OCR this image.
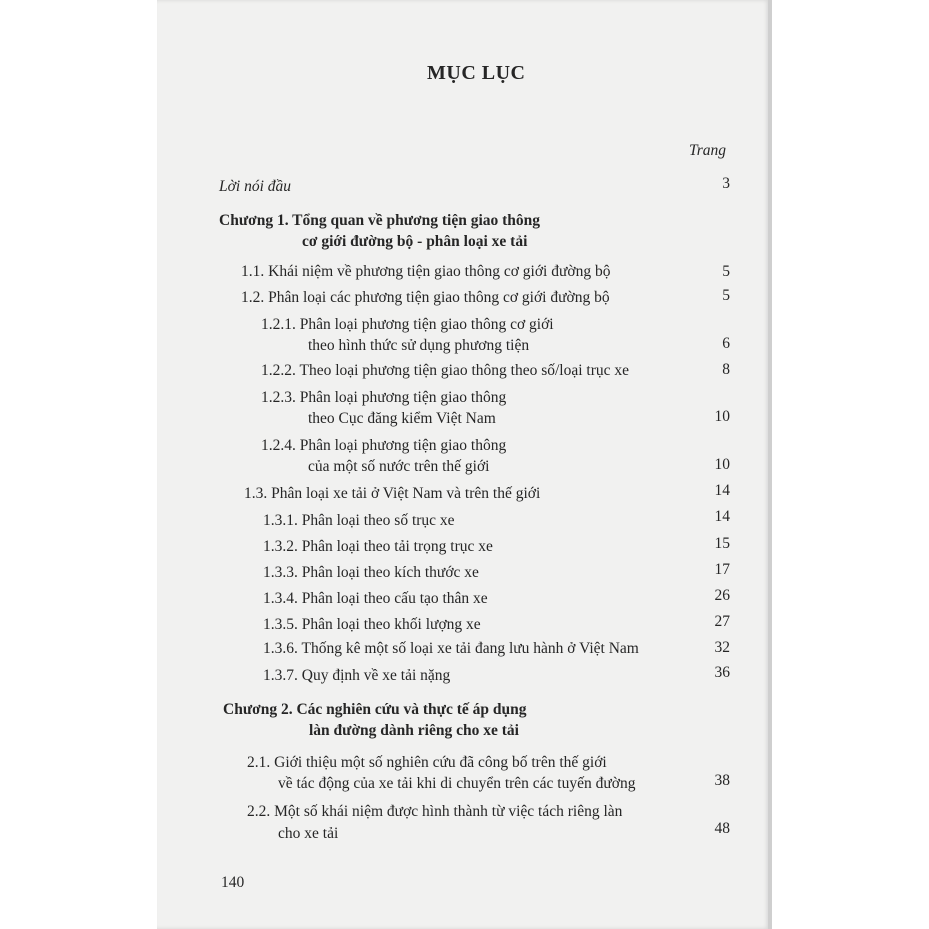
MỤC LỤC
Trang
Lời nói đầu	3
Chương 1. Tổng quan về phương tiện giao thông
cơ giới đường bộ - phân loại xe tải
1.1. Khái niệm về phương tiện giao thông cơ giới đường bộ	5
1.2. Phân loại các phương tiện giao thông cơ giới đường bộ	5
1.2.1. Phân loại phương tiện giao thông cơ giới
theo hình thức sử dụng phương tiện	6
1.2.2. Theo loại phương tiện giao thông theo số/loại trục xe	8
1.2.3. Phân loại phương tiện giao thông
theo Cục đăng kiểm Việt Nam	10
1.2.4. Phân loại phương tiện giao thông
của một số nước trên thế giới	10
1.3. Phân loại xe tải ở Việt Nam và trên thế giới	14
1.3.1. Phân loại theo số trục xe	14
1.3.2. Phân loại theo tải trọng trục xe	15
1.3.3. Phân loại theo kích thước xe	17
1.3.4. Phân loại theo cấu tạo thân xe	26
1.3.5. Phân loại theo khối lượng xe	27
1.3.6. Thống kê một số loại xe tải đang lưu hành ở Việt Nam	32
1.3.7. Quy định về xe tải nặng	36
Chương 2. Các nghiên cứu và thực tế áp dụng
làn đường dành riêng cho xe tải
2.1. Giới thiệu một số nghiên cứu đã công bố trên thế giới
về tác động của xe tải khi di chuyển trên các tuyến đường	38
2.2. Một số khái niệm được hình thành từ việc tách riêng làn
cho xe tải	48
140
